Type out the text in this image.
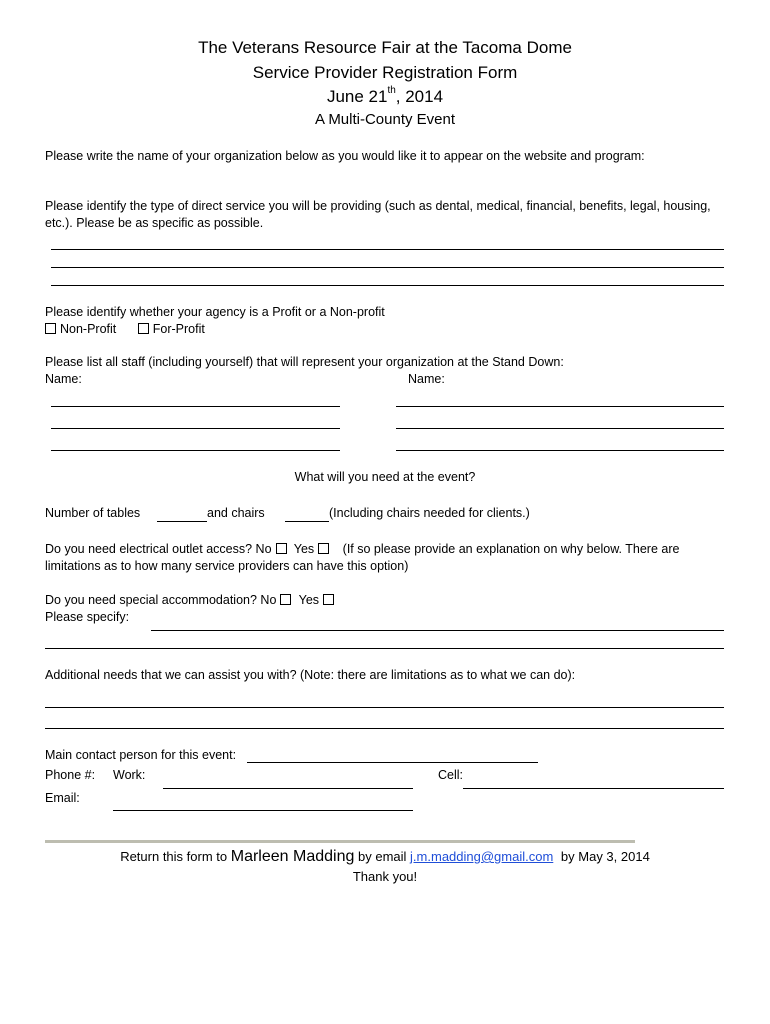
The Veterans Resource Fair at the Tacoma Dome
Service Provider Registration Form
June 21th, 2014
A Multi-County Event
Please write the name of your organization below as you would like it to appear on the website and program:
Please identify the type of direct service you will be providing (such as dental, medical, financial, benefits, legal, housing,
etc.). Please be as specific as possible.
Please identify whether your agency is a Profit or a Non-profit
Non-Profit	For-Profit
Please list all staff (including yourself) that will represent your organization at the Stand Down:
Name:	Name:
What will you need at the event?
Number of tables	and chairs	(Including chairs needed for clients.)
Do you need electrical outlet access? No Yes (If so please provide an explanation on why below. There are
limitations as to how many service providers can have this option)
Do you need special accommodation? No Yes
Please specify:
Additional needs that we can assist you with? (Note: there are limitations as to what we can do):
Main contact person for this event:
Phone #: Work:	Cell:
Email:
Return this form to Marleen Madding by email j.m.madding@gmail.com by May 3, 2014
Thank you!
